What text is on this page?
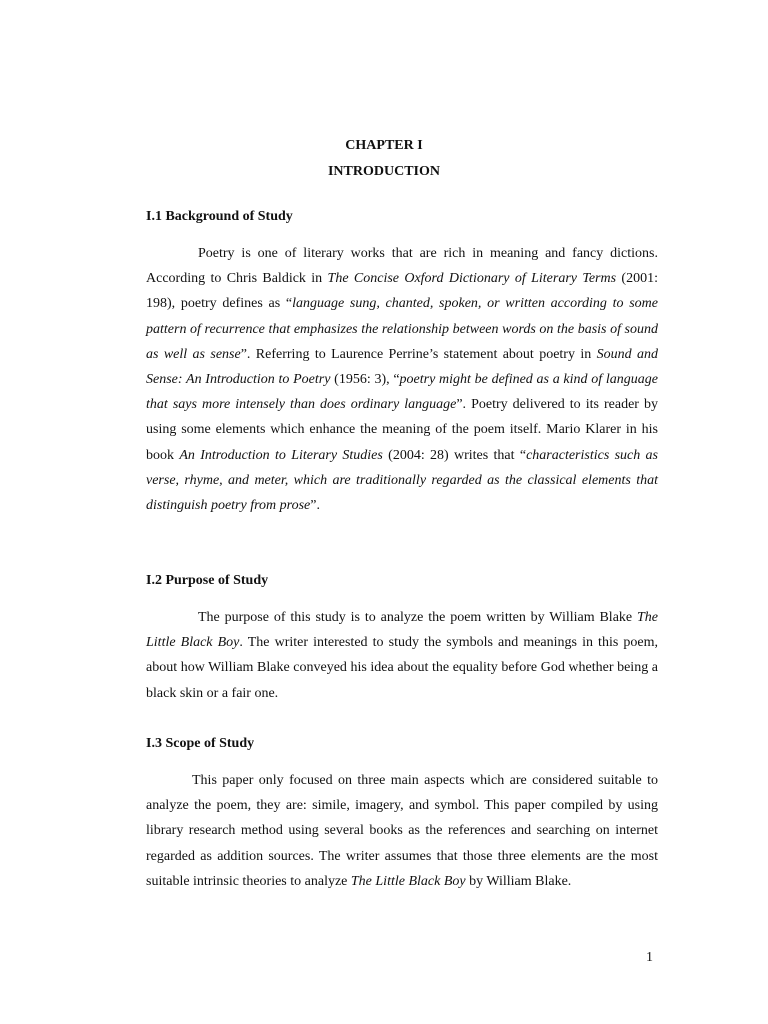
CHAPTER I
INTRODUCTION
I.1 Background of Study

Poetry is one of literary works that are rich in meaning and fancy dictions. According to Chris Baldick in The Concise Oxford Dictionary of Literary Terms (2001: 198), poetry defines as “language sung, chanted, spoken, or written according to some pattern of recurrence that emphasizes the relationship between words on the basis of sound as well as sense”. Referring to Laurence Perrine’s statement about poetry in Sound and Sense: An Introduction to Poetry (1956: 3), “poetry might be defined as a kind of language that says more intensely than does ordinary language”. Poetry delivered to its reader by using some elements which enhance the meaning of the poem itself. Mario Klarer in his book An Introduction to Literary Studies (2004: 28) writes that “characteristics such as verse, rhyme, and meter, which are traditionally regarded as the classical elements that distinguish poetry from prose”.

I.2 Purpose of Study

The purpose of this study is to analyze the poem written by William Blake The Little Black Boy. The writer interested to study the symbols and meanings in this poem, about how William Blake conveyed his idea about the equality before God whether being a black skin or a fair one.

I.3 Scope of Study

This paper only focused on three main aspects which are considered suitable to analyze the poem, they are: simile, imagery, and symbol. This paper compiled by using library research method using several books as the references and searching on internet regarded as addition sources. The writer assumes that those three elements are the most suitable intrinsic theories to analyze The Little Black Boy by William Blake.

1
